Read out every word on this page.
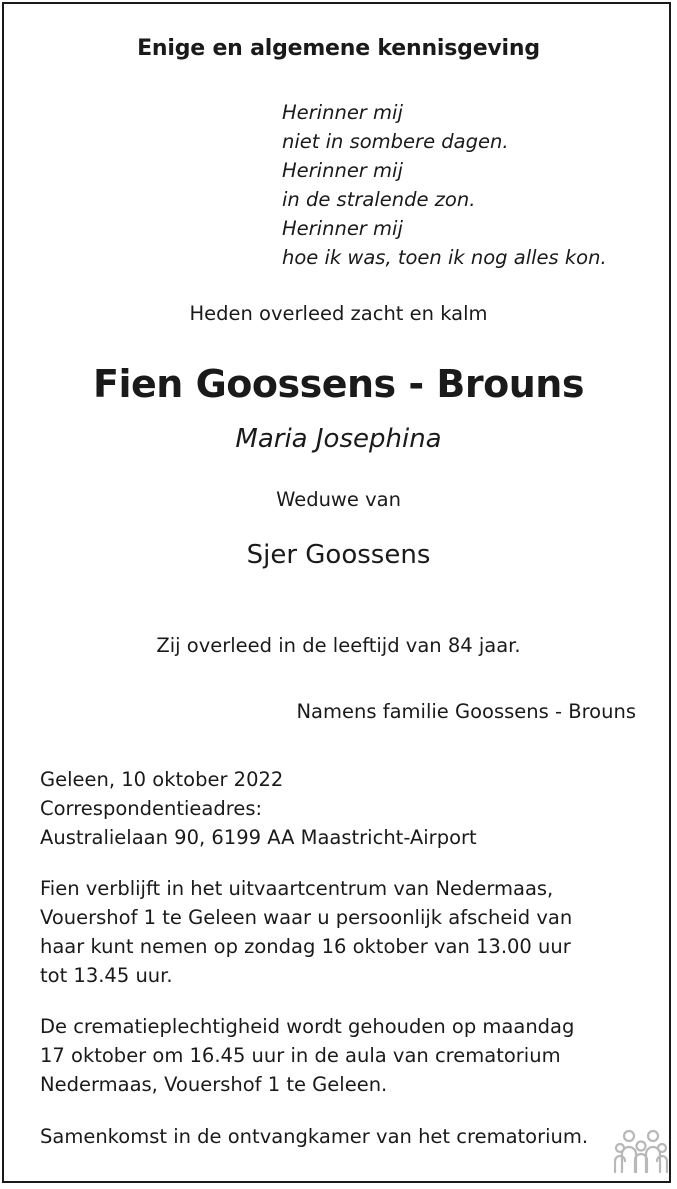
Enige en algemene kennisgeving
Herinner mij
niet in sombere dagen.
Herinner mij
in de stralende zon.
Herinner mij
hoe ik was, toen ik nog alles kon.
Heden overleed zacht en kalm
Fien Goossens - Brouns
Maria Josephina
Weduwe van
Sjer Goossens
Zij overleed in de leeftijd van 84 jaar.
Namens familie Goossens - Brouns
Geleen, 10 oktober 2022
Correspondentieadres:
Australielaan 90, 6199 AA Maastricht-Airport
Fien verblijft in het uitvaartcentrum van Nedermaas,
Vouershof 1 te Geleen waar u persoonlijk afscheid van
haar kunt nemen op zondag 16 oktober van 13.00 uur
tot 13.45 uur.
De crematieplechtigheid wordt gehouden op maandag
17 oktober om 16.45 uur in de aula van crematorium
Nedermaas, Vouershof 1 te Geleen.
Samenkomst in de ontvangkamer van het crematorium.
